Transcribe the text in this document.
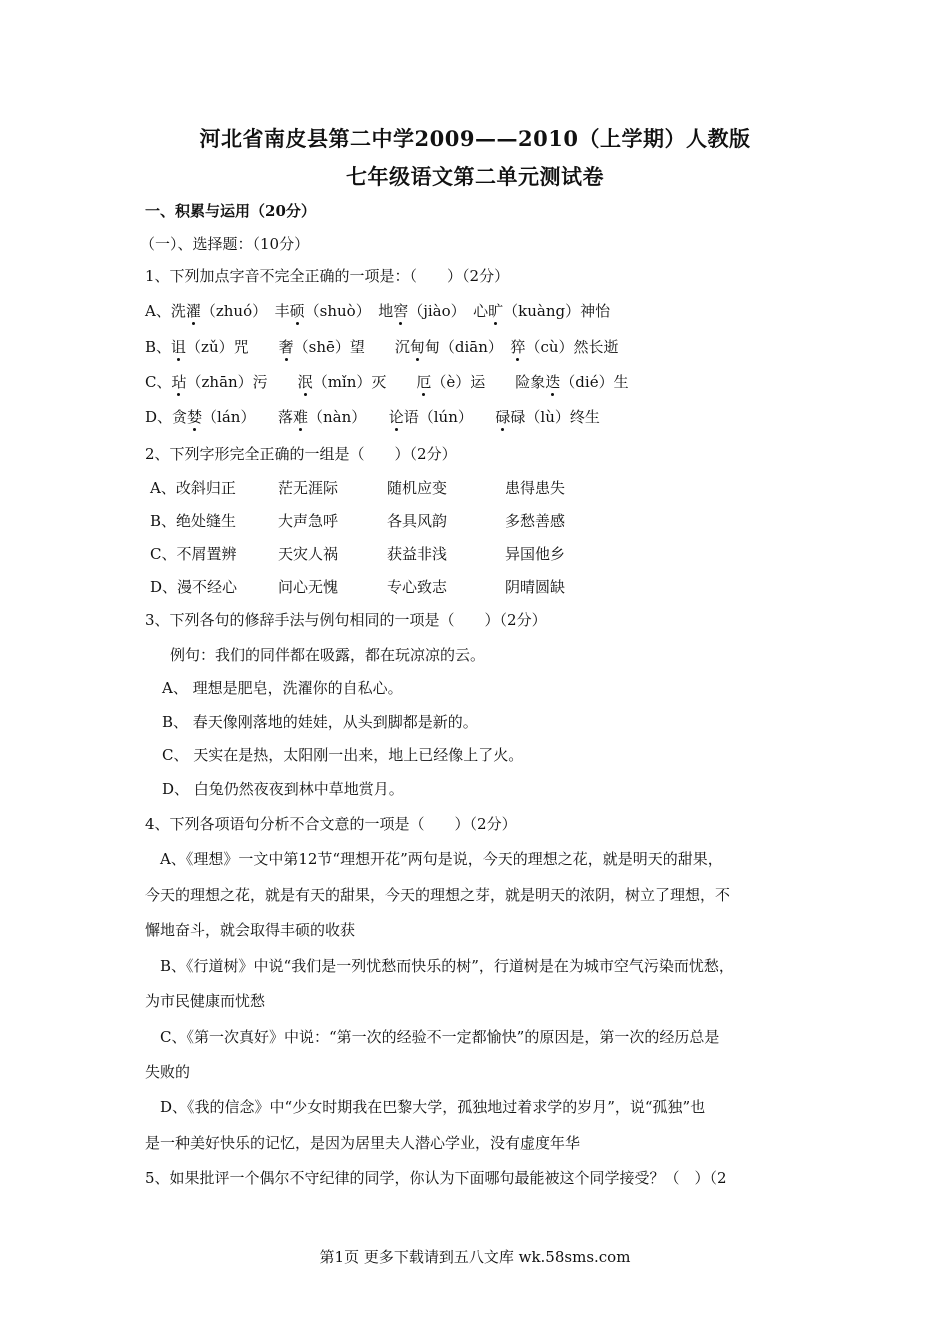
河北省南皮县第二中学2009——2010（上学期）人教版
七年级语文第二单元测试卷
一、积累与运用（20分）
（一）、选择题：（10分）
1、下列加点字音不完全正确的一项是：（　　）（2分）
A、洗濯（zhuó）　丰硕（shuò）　地窖（jiào）　心旷（kuàng）神怡
B、诅（zǔ）咒　　奢（shē）望　　沉甸甸（diān）　猝（cù）然长逝
C、玷（zhān）污　　泯（mǐn）灭　　厄（è）运　　险象迭（dié）生
D、贪婪（lán）　　落难（nàn）　　论语（lún）　　碌碌（lù）终生
2、下列字形完全正确的一组是（　　）（2分）
A、改斜归正	茫无涯际	随机应变	患得患失
B、绝处缝生	大声急呼	各具风韵	多愁善感
C、不屑置辨	天灾人祸	获益非浅	异国他乡
D、漫不经心	问心无愧	专心致志	阴晴圆缺
3、下列各句的修辞手法与例句相同的一项是（　　）（2分）
例句：我们的同伴都在吸露，都在玩凉凉的云。
A、 理想是肥皂，洗濯你的自私心。
B、 春天像刚落地的娃娃，从头到脚都是新的。
C、 天实在是热，太阳刚一出来，地上已经像上了火。
D、 白兔仍然夜夜到林中草地赏月。
4、下列各项语句分析不合文意的一项是（　　）（2分）
A、《理想》一文中第12节“理想开花”两句是说，今天的理想之花，就是明天的甜果，
今天的理想之花，就是有天的甜果，今天的理想之芽，就是明天的浓阴，树立了理想，不
懈地奋斗，就会取得丰硕的收获
B、《行道树》中说“我们是一列忧愁而快乐的树”，行道树是在为城市空气污染而忧愁，
为市民健康而忧愁
C、《第一次真好》中说：“第一次的经验不一定都愉快”的原因是，第一次的经历总是
失败的
D、《我的信念》中“少女时期我在巴黎大学，孤独地过着求学的岁月”，说“孤独”也
是一种美好快乐的记忆，是因为居里夫人潜心学业，没有虚度年华
5、如果批评一个偶尔不守纪律的同学，你认为下面哪句最能被这个同学接受？（　）（2
第1页 更多下载请到五八文库 wk.58sms.com
